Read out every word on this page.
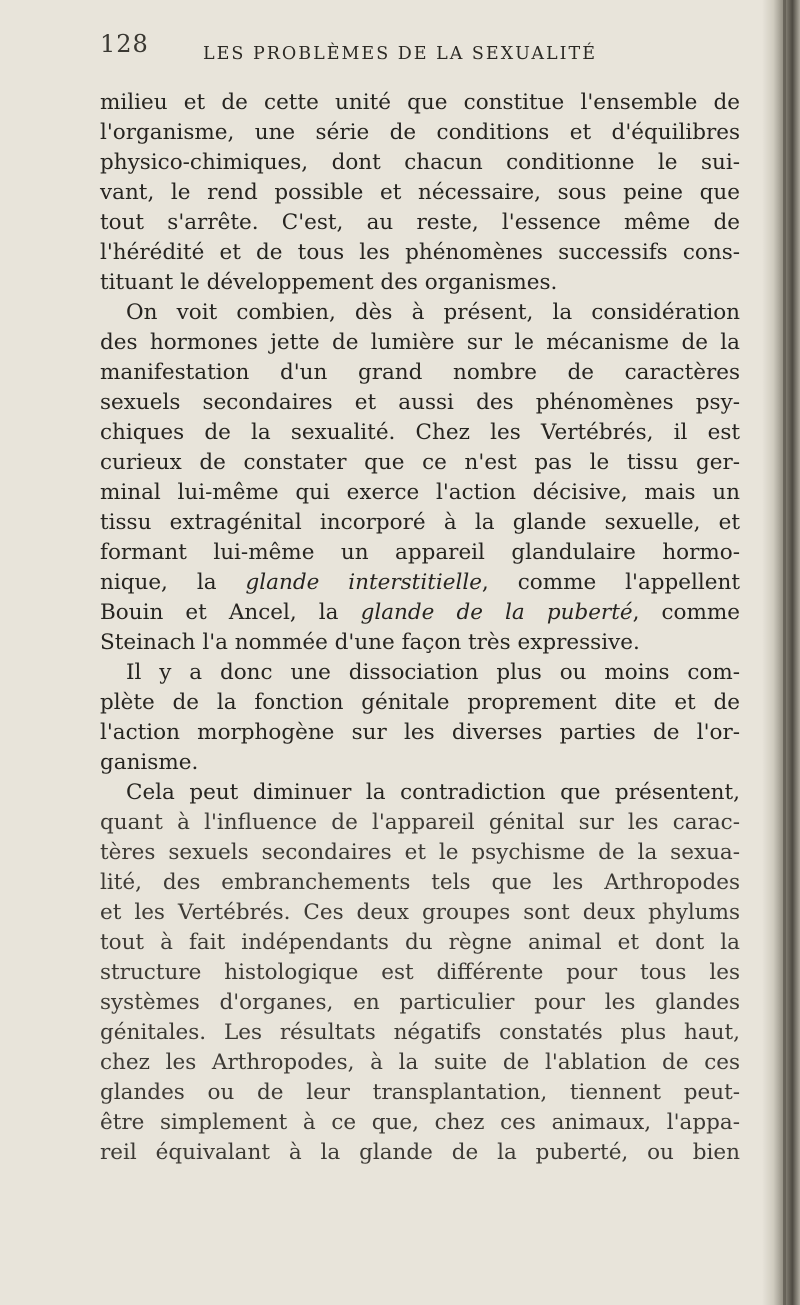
128	LES PROBLÈMES DE LA SEXUALITÉ
milieu et de cette unité que constitue l'ensemble de
l'organisme, une série de conditions et d'équilibres
physico-chimiques, dont chacun conditionne le sui-
vant, le rend possible et nécessaire, sous peine que
tout s'arrête. C'est, au reste, l'essence même de
l'hérédité et de tous les phénomènes successifs cons-
tituant le développement des organismes.
On voit combien, dès à présent, la considération
des hormones jette de lumière sur le mécanisme de la
manifestation d'un grand nombre de caractères
sexuels secondaires et aussi des phénomènes psy-
chiques de la sexualité. Chez les Vertébrés, il est
curieux de constater que ce n'est pas le tissu ger-
minal lui-même qui exerce l'action décisive, mais un
tissu extragénital incorporé à la glande sexuelle, et
formant lui-même un appareil glandulaire hormo-
nique, la glande interstitielle, comme l'appellent
Bouin et Ancel, la glande de la puberté, comme
Steinach l'a nommée d'une façon très expressive.
Il y a donc une dissociation plus ou moins com-
plète de la fonction génitale proprement dite et de
l'action morphogène sur les diverses parties de l'or-
ganisme.
Cela peut diminuer la contradiction que présentent,
quant à l'influence de l'appareil génital sur les carac-
tères sexuels secondaires et le psychisme de la sexua-
lité, des embranchements tels que les Arthropodes
et les Vertébrés. Ces deux groupes sont deux phylums
tout à fait indépendants du règne animal et dont la
structure histologique est différente pour tous les
systèmes d'organes, en particulier pour les glandes
génitales. Les résultats négatifs constatés plus haut,
chez les Arthropodes, à la suite de l'ablation de ces
glandes ou de leur transplantation, tiennent peut-
être simplement à ce que, chez ces animaux, l'appa-
reil équivalant à la glande de la puberté, ou bien
